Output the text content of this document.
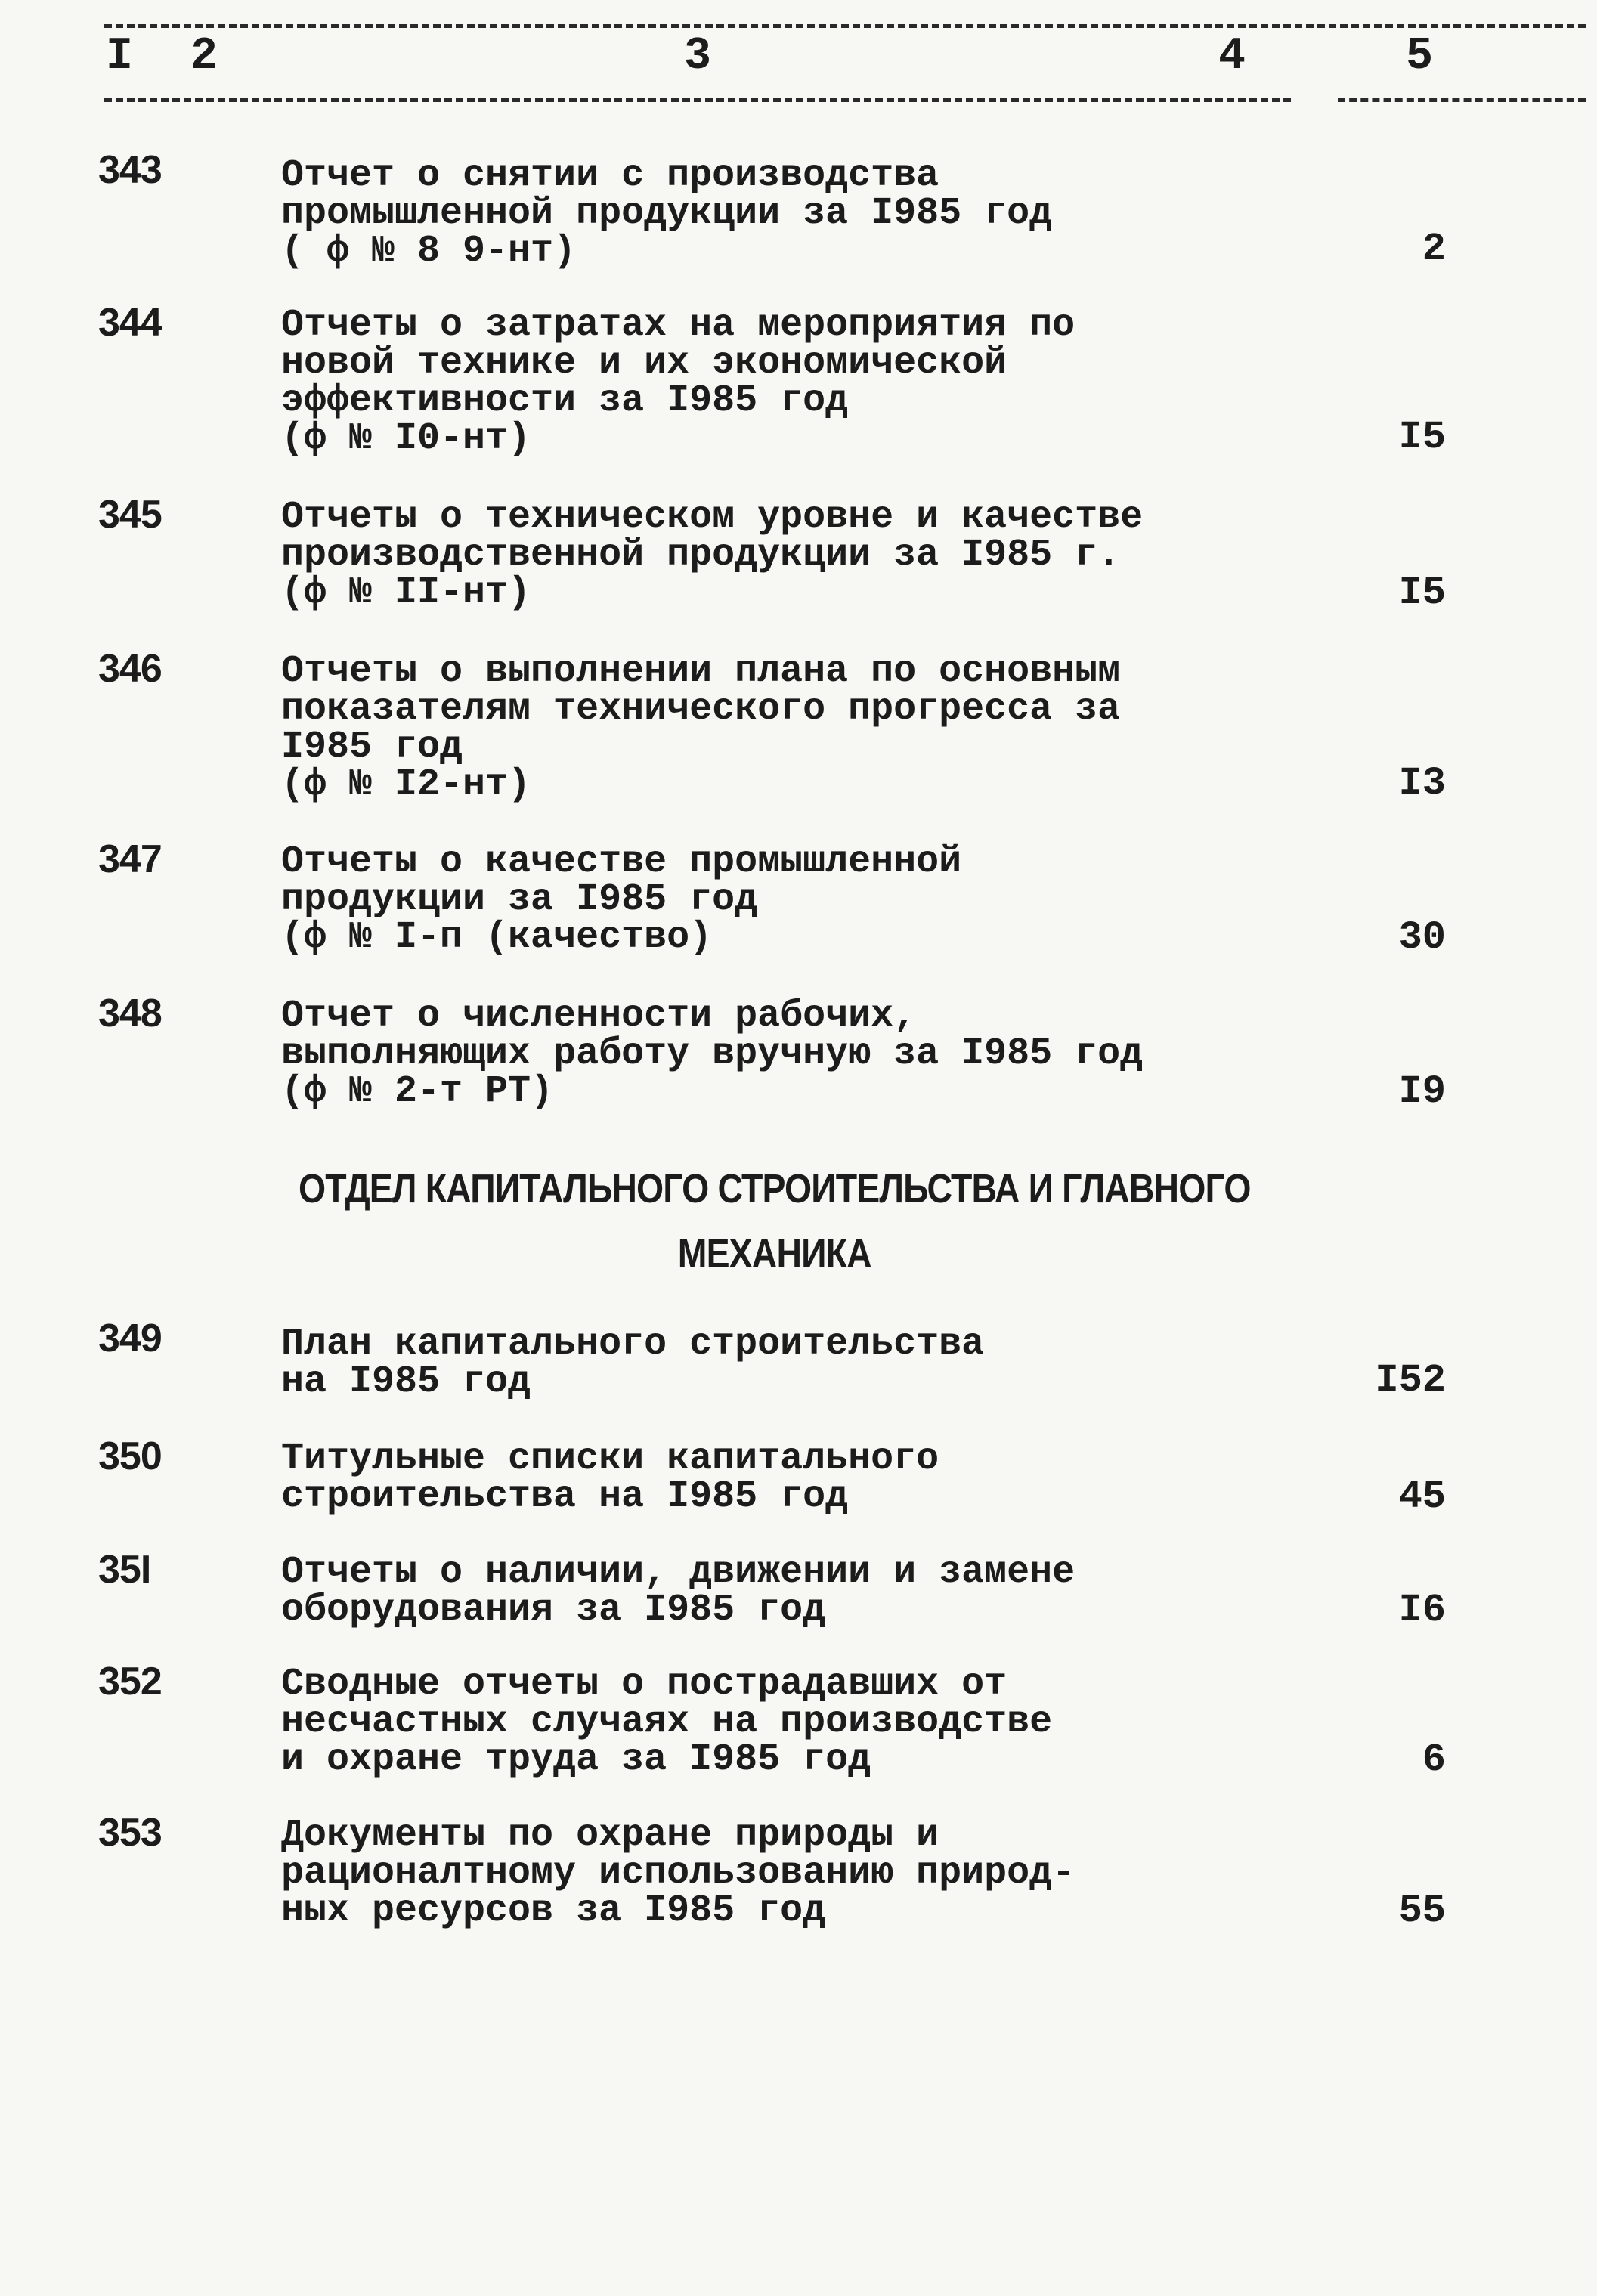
I 2	3	4	5
343	Отчет о снятии с производства
промышленной продукции за I985 год
( ф № 8 9-нт)	2
344	Отчеты о затратах на мероприятия по
новой технике и их экономической
эффективности за I985 год
(ф № I0-нт)	I5
345	Отчеты о техническом уровне и качестве
производственной продукции за I985 г.
(ф № II-нт)	I5
346	Отчеты о выполнении плана по основным
показателям технического прогресса за
I985 год
(ф № I2-нт)	I3
347	Отчеты о качестве промышленной
продукции за I985 год
(ф № I-п (качество)	30
348	Отчет о численности рабочих,
выполняющих работу вручную за I985 год
(ф № 2-т РТ)	I9
ОТДЕЛ КАПИТАЛЬНОГО СТРОИТЕЛЬСТВА И ГЛАВНОГО
МЕХАНИКА
349	План капитального строительства
на I985 год	I52
350	Титульные списки капитального
строительства на I985 год	45
35I	Отчеты о наличии, движении и замене
оборудования за I985 год	I6
352	Сводные отчеты о пострадавших от
несчастных случаях на производстве
и охране труда за I985 год	6
353	Документы по охране природы и
рационалтному использованию природ-
ных ресурсов за I985 год	55
